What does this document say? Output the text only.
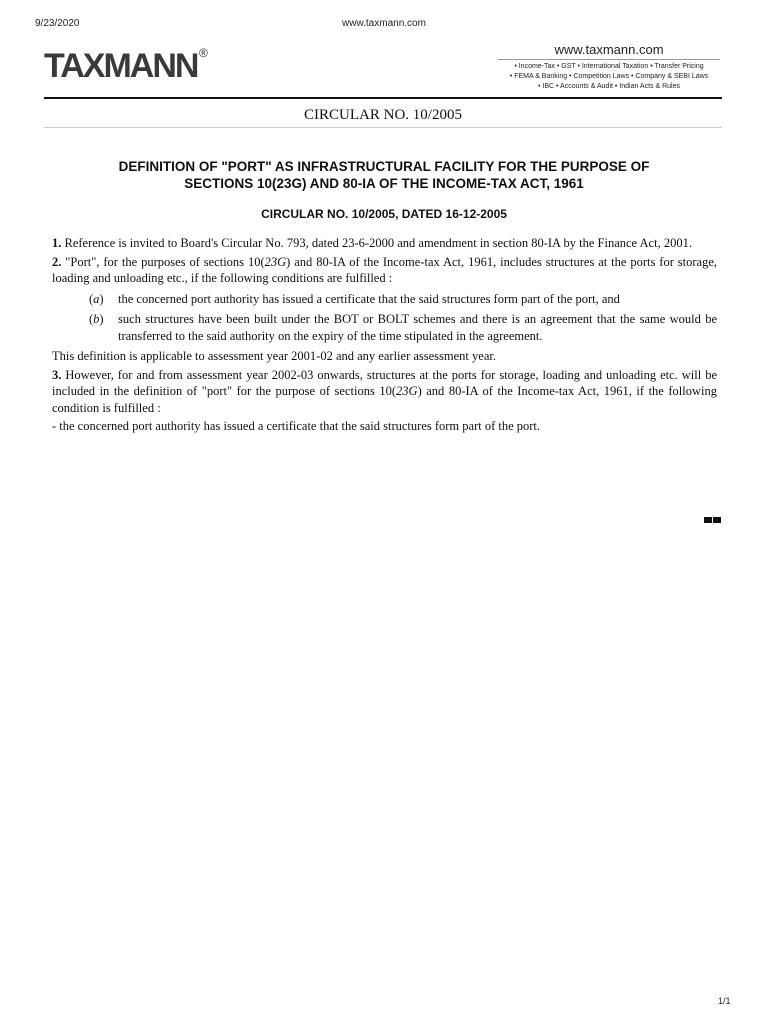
9/23/2020	www.taxmann.com
TAXMANN ®	www.taxmann.com
• Income-Tax • GST • International Taxation • Transfer Pricing
• FEMA & Banking • Competition Laws • Company & SEBI Laws
• IBC • Accounts & Audit • Indian Acts & Rules
CIRCULAR NO. 10/2005
DEFINITION OF "PORT" AS INFRASTRUCTURAL FACILITY FOR THE PURPOSE OF
SECTIONS 10(23G) AND 80-IA OF THE INCOME-TAX ACT, 1961
CIRCULAR NO. 10/2005, DATED 16-12-2005

1. Reference is invited to Board's Circular No. 793, dated 23-6-2000 and amendment in section 80-IA by the Finance Act, 2001.

2. "Port", for the purposes of sections 10(23G) and 80-IA of the Income-tax Act, 1961, includes structures at the ports for storage, loading and unloading etc., if the following conditions are fulfilled :

(a) the concerned port authority has issued a certificate that the said structures form part of the port, and

(b) such structures have been built under the BOT or BOLT schemes and there is an agreement that the same would be transferred to the said authority on the expiry of the time stipulated in the agreement.

This definition is applicable to assessment year 2001-02 and any earlier assessment year.

3. However, for and from assessment year 2002-03 onwards, structures at the ports for storage, loading and unloading etc. will be included in the definition of "port" for the purpose of sections 10(23G) and 80-IA of the Income-tax Act, 1961, if the following condition is fulfilled :

- the concerned port authority has issued a certificate that the said structures form part of the port.

1/1
